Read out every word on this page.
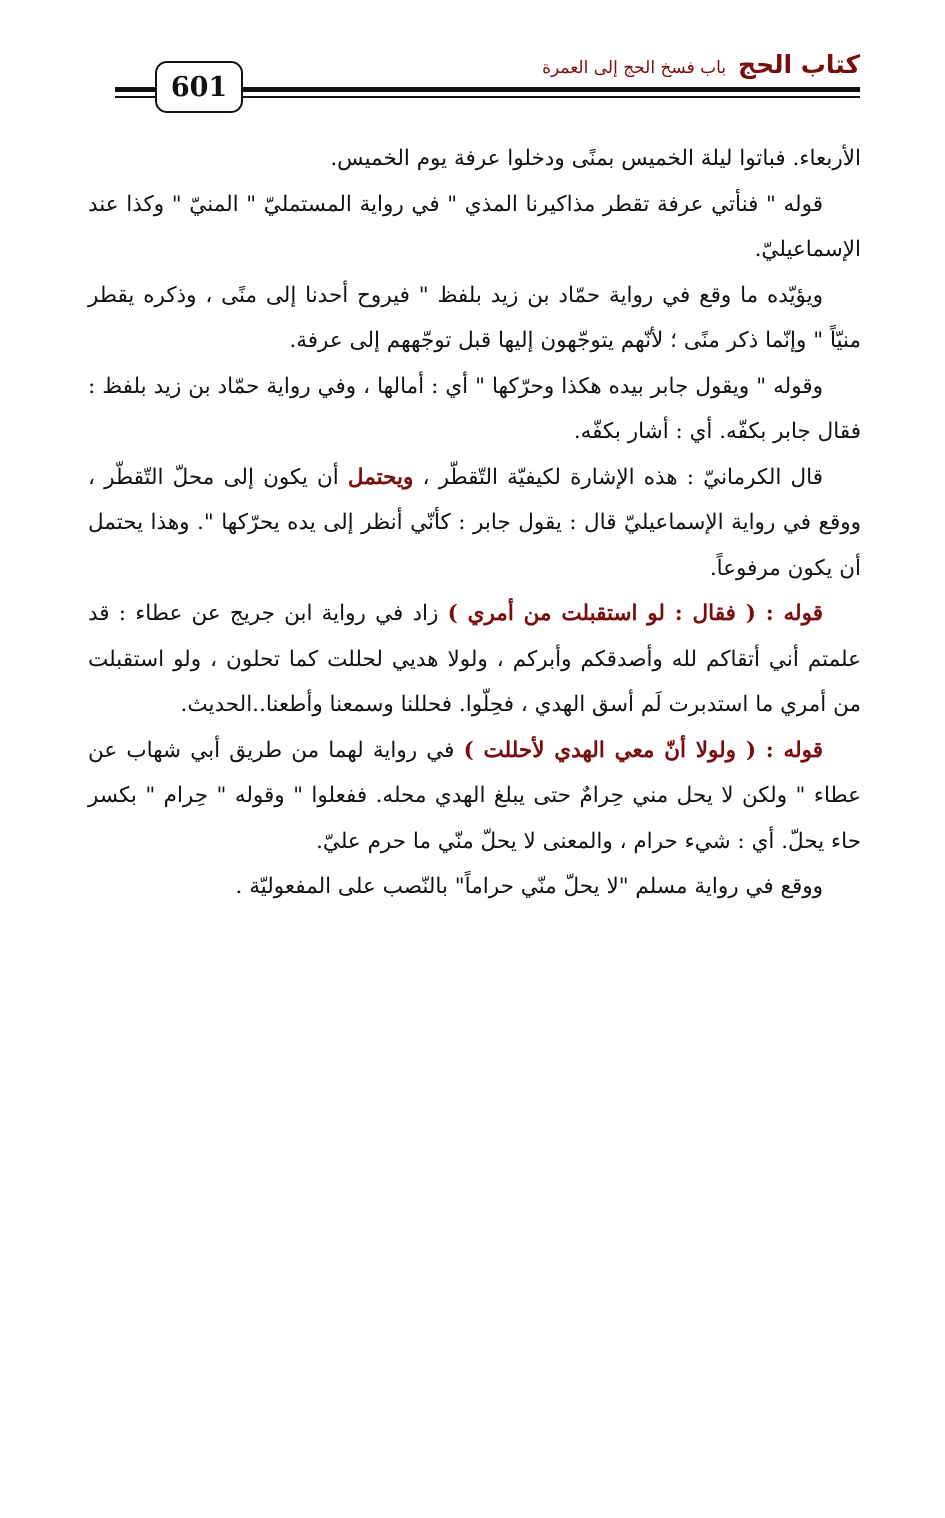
601
كتاب الحج
باب فسخ الحج إلى العمرة

الأربعاء. فباتوا ليلة الخميس بمنًى ودخلوا عرفة يوم الخميس.

قوله " فنأتي عرفة تقطر مذاكيرنا المذي " في رواية المستمليّ " المنيّ " وكذا عند الإسماعيليّ.

ويؤيّده ما وقع في رواية حمّاد بن زيد بلفظ " فيروح أحدنا إلى منًى ، وذكره يقطر منيّاً " وإنّما ذكر منًى ؛ لأنّهم يتوجّهون إليها قبل توجّههم إلى عرفة.

وقوله " ويقول جابر بيده هكذا وحرّكها " أي : أمالها ، وفي رواية حمّاد بن زيد بلفظ : فقال جابر بكفّه. أي : أشار بكفّه.

قال الكرمانيّ : هذه الإشارة لكيفيّة التّقطّر ، ويحتمل أن يكون إلى محلّ التّقطّر ، ووقع في رواية الإسماعيليّ قال : يقول جابر : كأنّي أنظر إلى يده يحرّكها ". وهذا يحتمل أن يكون مرفوعاً.

قوله : ( فقال : لو استقبلت من أمري ) زاد في رواية ابن جريج عن عطاء : قد علمتم أني أتقاكم لله وأصدقكم وأبركم ، ولولا هديي لحللت كما تحلون ، ولو استقبلت من أمري ما استدبرت لَم أسق الهدي ، فحِلّوا. فحللنا وسمعنا وأطعنا..الحديث.

قوله : ( ولولا أنّ معي الهدي لأحللت ) في رواية لهما من طريق أبي شهاب عن عطاء " ولكن لا يحل مني حِرامٌ حتى يبلغ الهدي محله. ففعلوا " وقوله " حِرام " بكسر حاء يحلّ. أي : شيء حرام ، والمعنى لا يحلّ منّي ما حرم عليّ.

ووقع في رواية مسلم "لا يحلّ منّي حراماً" بالنّصب على المفعوليّة .
